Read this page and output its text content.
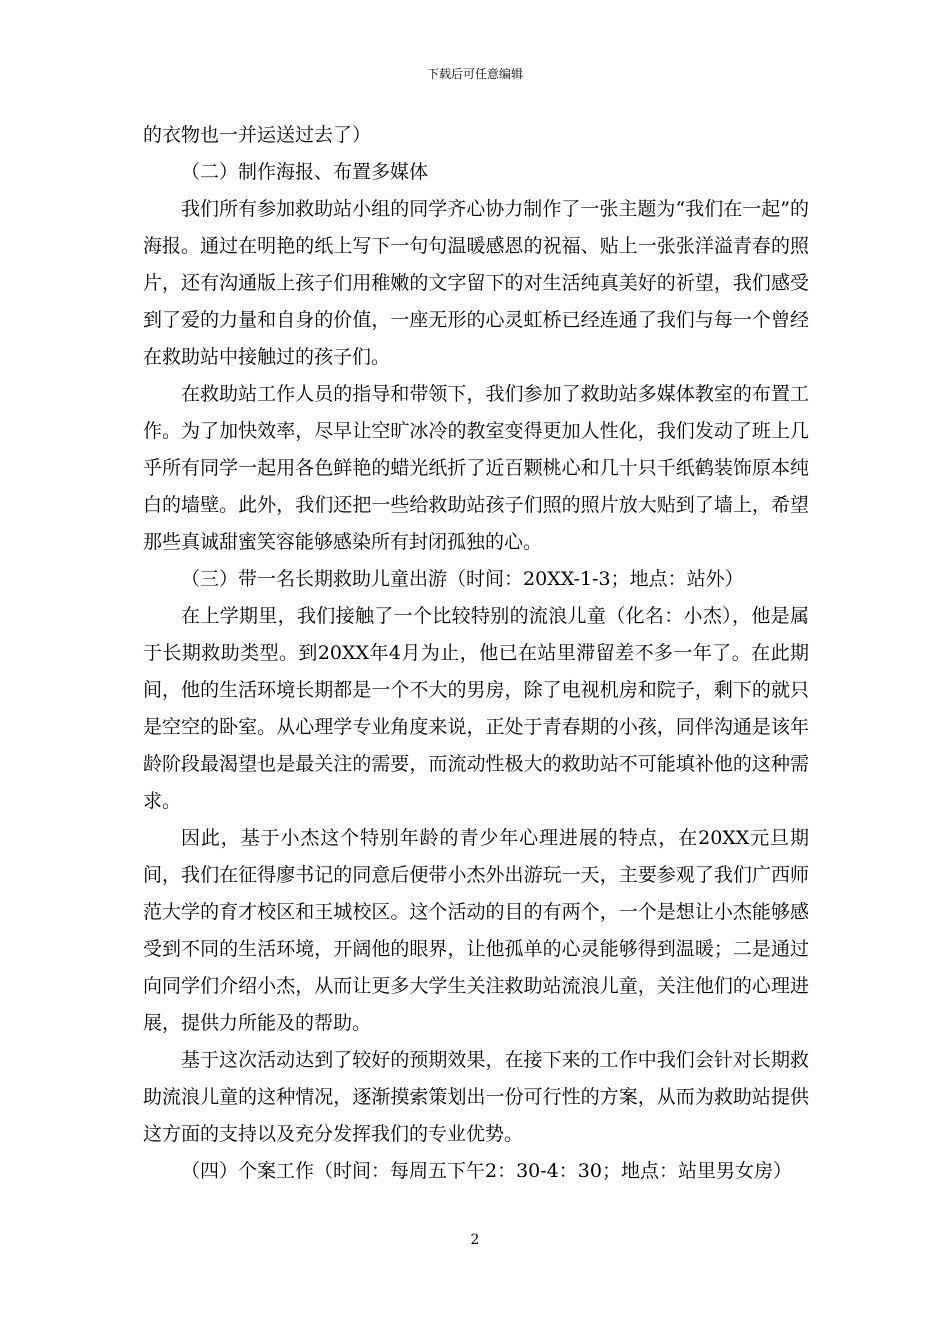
下载后可任意编辑

的衣物也一并运送过去了）

（二）制作海报、布置多媒体

我们所有参加救助站小组的同学齐心协力制作了一张主题为“我们在一起”的海报。通过在明艳的纸上写下一句句温暖感恩的祝福、贴上一张张洋溢青春的照片，还有沟通版上孩子们用稚嫩的文字留下的对生活纯真美好的祈望，我们感受到了爱的力量和自身的价值，一座无形的心灵虹桥已经连通了我们与每一个曾经在救助站中接触过的孩子们。

在救助站工作人员的指导和带领下，我们参加了救助站多媒体教室的布置工作。为了加快效率，尽早让空旷冰冷的教室变得更加人性化，我们发动了班上几乎所有同学一起用各色鲜艳的蜡光纸折了近百颗桃心和几十只千纸鹤装饰原本纯白的墙壁。此外，我们还把一些给救助站孩子们照的照片放大贴到了墙上，希望那些真诚甜蜜笑容能够感染所有封闭孤独的心。

（三）带一名长期救助儿童出游（时间：20XX-1-3；地点：站外）

在上学期里，我们接触了一个比较特别的流浪儿童（化名：小杰），他是属于长期救助类型。到20XX年4月为止，他已在站里滞留差不多一年了。在此期间，他的生活环境长期都是一个不大的男房，除了电视机房和院子，剩下的就只是空空的卧室。从心理学专业角度来说，正处于青春期的小孩，同伴沟通是该年龄阶段最渴望也是最关注的需要，而流动性极大的救助站不可能填补他的这种需求。

因此，基于小杰这个特别年龄的青少年心理进展的特点，在20XX元旦期间，我们在征得廖书记的同意后便带小杰外出游玩一天，主要参观了我们广西师范大学的育才校区和王城校区。这个活动的目的有两个，一个是想让小杰能够感受到不同的生活环境，开阔他的眼界，让他孤单的心灵能够得到温暖；二是通过向同学们介绍小杰，从而让更多大学生关注救助站流浪儿童，关注他们的心理进展，提供力所能及的帮助。

基于这次活动达到了较好的预期效果，在接下来的工作中我们会针对长期救助流浪儿童的这种情况，逐渐摸索策划出一份可行性的方案，从而为救助站提供这方面的支持以及充分发挥我们的专业优势。

（四）个案工作（时间：每周五下午2：30-4：30；地点：站里男女房）

2
